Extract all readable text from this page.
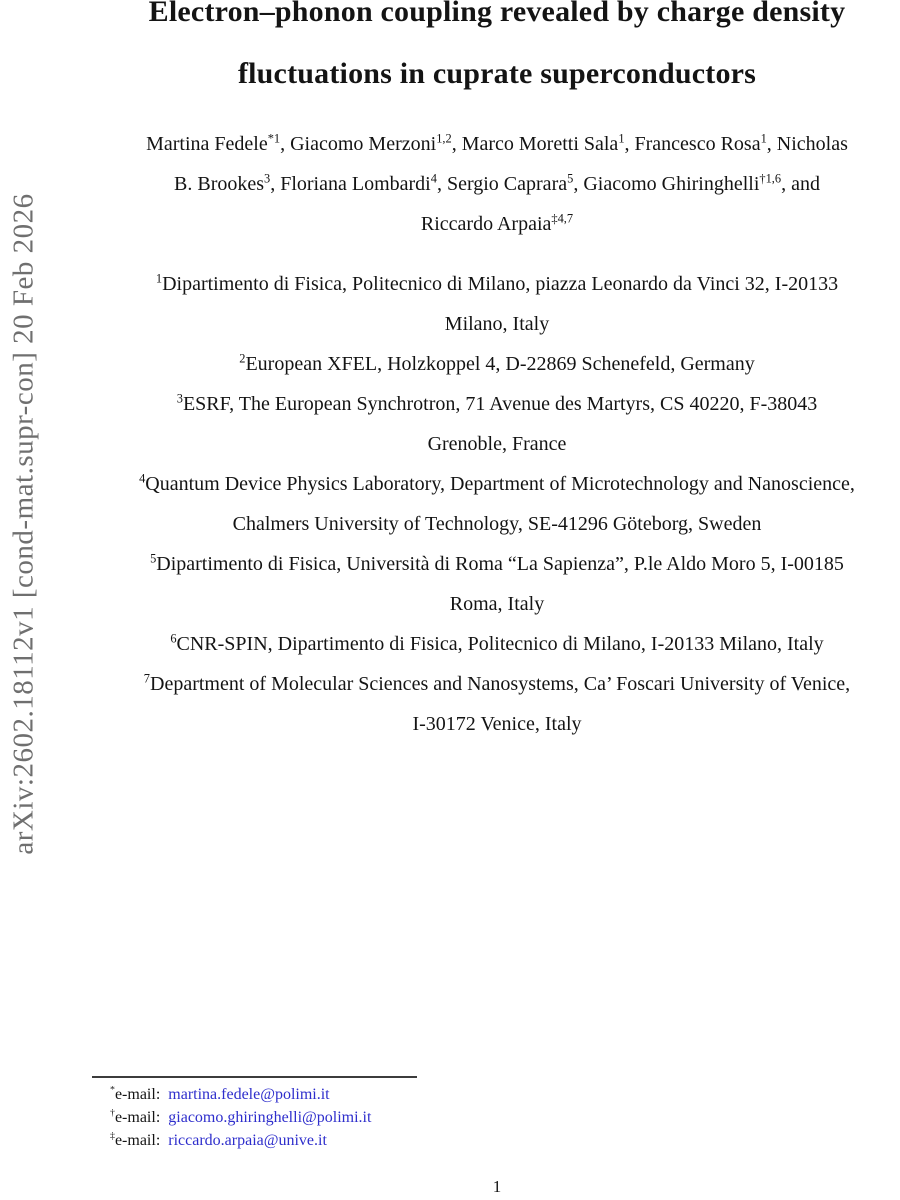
arXiv:2602.18112v1 [cond-mat.supr-con] 20 Feb 2026
Electron–phonon coupling revealed by charge density
fluctuations in cuprate superconductors
Martina Fedele$^{*1}$, Giacomo Merzoni$^{1,2}$, Marco Moretti Sala$^1$, Francesco Rosa$^1$, Nicholas
B. Brookes$^3$, Floriana Lombardi$^4$, Sergio Caprara$^5$, Giacomo Ghiringhelli$^{\dagger 1,6}$, and
Riccardo Arpaia$^{\ddagger 4,7}$
$^1$Dipartimento di Fisica, Politecnico di Milano, piazza Leonardo da Vinci 32, I-20133
Milano, Italy
$^2$European XFEL, Holzkoppel 4, D-22869 Schenefeld, Germany
$^3$ESRF, The European Synchrotron, 71 Avenue des Martyrs, CS 40220, F-38043
Grenoble, France
$^4$Quantum Device Physics Laboratory, Department of Microtechnology and Nanoscience,
Chalmers University of Technology, SE-41296 Göteborg, Sweden
$^5$Dipartimento di Fisica, Università di Roma “La Sapienza”, P.le Aldo Moro 5, I-00185
Roma, Italy
$^6$CNR-SPIN, Dipartimento di Fisica, Politecnico di Milano, I-20133 Milano, Italy
$^7$Department of Molecular Sciences and Nanosystems, Ca’ Foscari University of Venice,
I-30172 Venice, Italy
*e-mail: martina.fedele@polimi.it
†e-mail: giacomo.ghiringhelli@polimi.it
‡e-mail: riccardo.arpaia@unive.it
1
